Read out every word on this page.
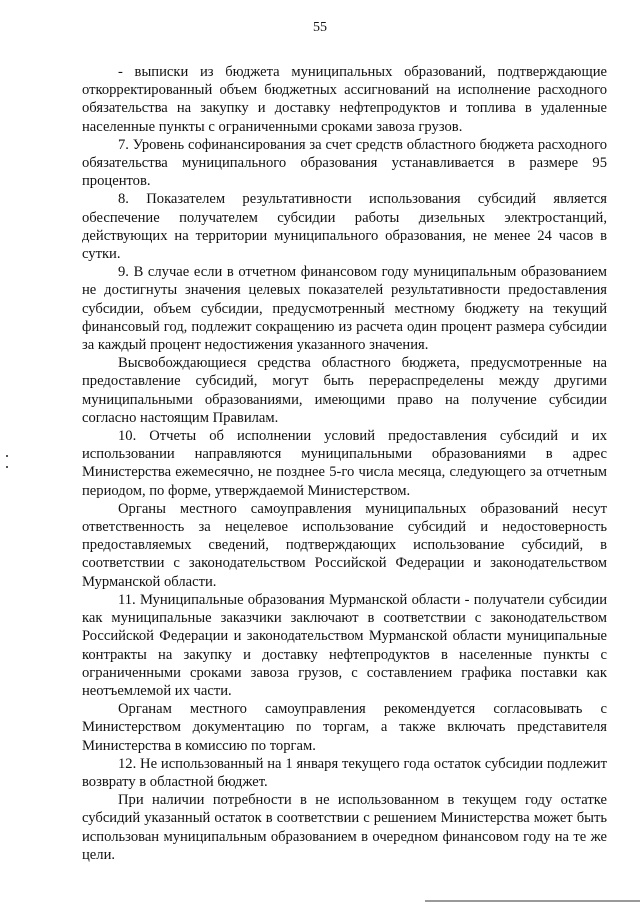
55

- выписки из бюджета муниципальных образований, подтверждающие откорректированный объем бюджетных ассигнований на исполнение расходного обязательства на закупку и доставку нефтепродуктов и топлива в удаленные населенные пункты с ограниченными сроками завоза грузов.

7. Уровень софинансирования за счет средств областного бюджета расходного обязательства муниципального образования устанавливается в размере 95 процентов.

8. Показателем результативности использования субсидий является обеспечение получателем субсидии работы дизельных электростанций, действующих на территории муниципального образования, не менее 24 часов в сутки.

9. В случае если в отчетном финансовом году муниципальным образованием не достигнуты значения целевых показателей результативности предоставления субсидии, объем субсидии, предусмотренный местному бюджету на текущий финансовый год, подлежит сокращению из расчета один процент размера субсидии за каждый процент недостижения указанного значения.

Высвобождающиеся средства областного бюджета, предусмотренные на предоставление субсидий, могут быть перераспределены между другими муниципальными образованиями, имеющими право на получение субсидии согласно настоящим Правилам.

10. Отчеты об исполнении условий предоставления субсидий и их использовании направляются муниципальными образованиями в адрес Министерства ежемесячно, не позднее 5-го числа месяца, следующего за отчетным периодом, по форме, утверждаемой Министерством.

Органы местного самоуправления муниципальных образований несут ответственность за нецелевое использование субсидий и недостоверность предоставляемых сведений, подтверждающих использование субсидий, в соответствии с законодательством Российской Федерации и законодательством Мурманской области.

11. Муниципальные образования Мурманской области - получатели субсидии как муниципальные заказчики заключают в соответствии с законодательством Российской Федерации и законодательством Мурманской области муниципальные контракты на закупку и доставку нефтепродуктов в населенные пункты с ограниченными сроками завоза грузов, с составлением графика поставки как неотъемлемой их части.

Органам местного самоуправления рекомендуется согласовывать с Министерством документацию по торгам, а также включать представителя Министерства в комиссию по торгам.

12. Не использованный на 1 января текущего года остаток субсидии подлежит возврату в областной бюджет.

При наличии потребности в не использованном в текущем году остатке субсидий указанный остаток в соответствии с решением Министерства может быть использован муниципальным образованием в очередном финансовом году на те же цели.
